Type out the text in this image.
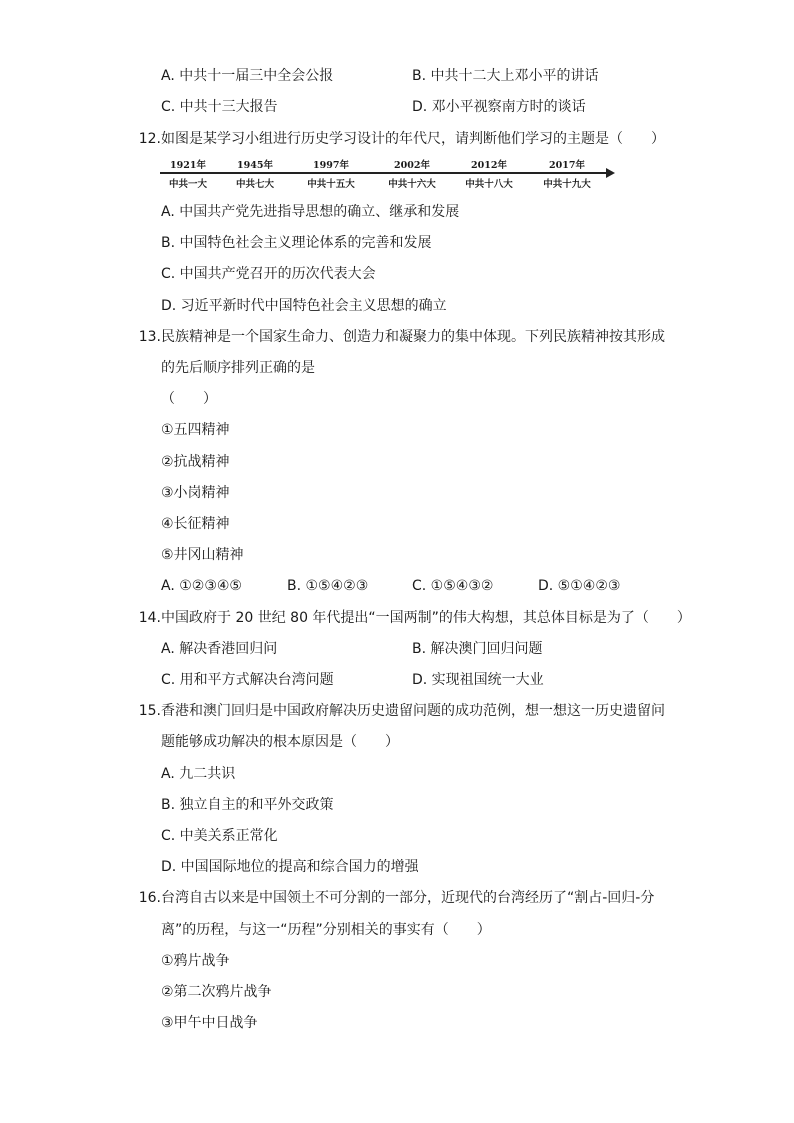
A. 中共十一届三中全会公报	B. 中共十二大上邓小平的讲话
C. 中共十三大报告	D. 邓小平视察南方时的谈话
12. 如图是某学习小组进行历史学习设计的年代尺，请判断他们学习的主题是（　　）
1921年	1945年	1997年	2002年	2012年	2017年
中共一大	中共七大	中共十五大	中共十六大	中共十八大	中共十九大
A. 中国共产党先进指导思想的确立、继承和发展
B. 中国特色社会主义理论体系的完善和发展
C. 中国共产党召开的历次代表大会
D. 习近平新时代中国特色社会主义思想的确立
13. 民族精神是一个国家生命力、创造力和凝聚力的集中体现。下列民族精神按其形成
的先后顺序排列正确的是
（　　）
①五四精神
②抗战精神
③小岗精神
④长征精神
⑤井冈山精神
A. ①②③④⑤	B. ①⑤④②③	C. ①⑤④③②	D. ⑤①④②③
14. 中国政府于 20 世纪 80 年代提出“一国两制”的伟大构想，其总体目标是为了（　　）
A. 解决香港回归问	B. 解决澳门回归问题
C. 用和平方式解决台湾问题	D. 实现祖国统一大业
15. 香港和澳门回归是中国政府解决历史遗留问题的成功范例，想一想这一历史遗留问
题能够成功解决的根本原因是（　　）
A. 九二共识
B. 独立自主的和平外交政策
C. 中美关系正常化
D. 中国国际地位的提高和综合国力的增强
16. 台湾自古以来是中国领土不可分割的一部分，近现代的台湾经历了“割占-回归-分
离”的历程，与这一“历程”分别相关的事实有（　　）
①鸦片战争
②第二次鸦片战争
③甲午中日战争
